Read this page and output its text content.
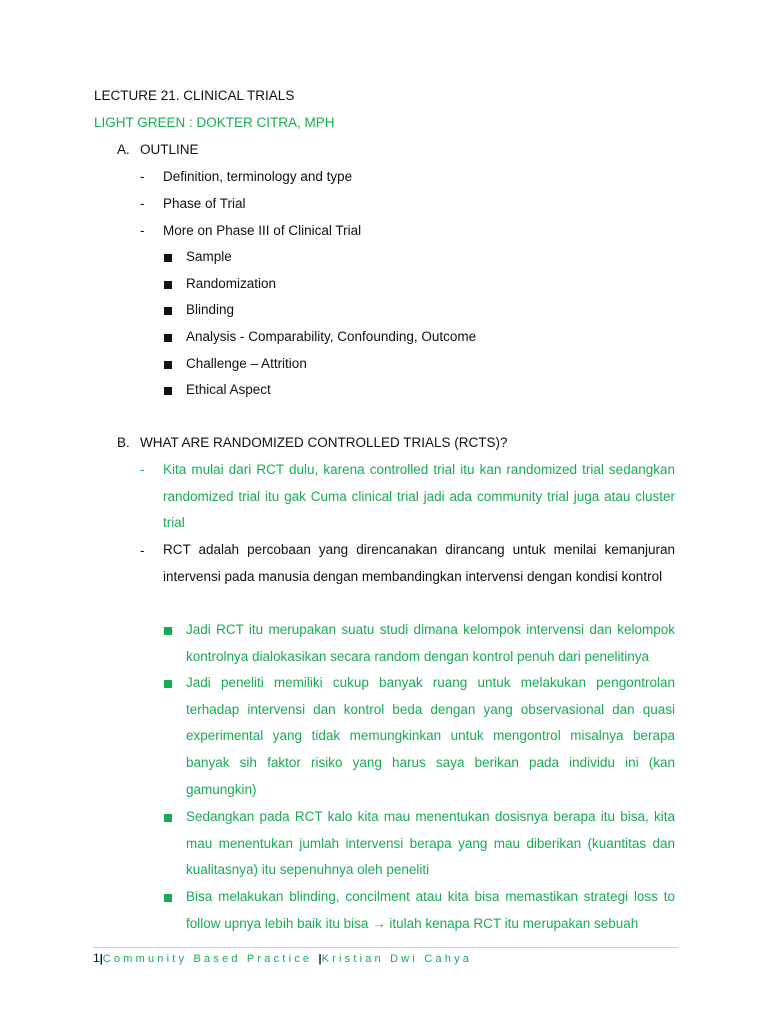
LECTURE 21. CLINICAL TRIALS
LIGHT GREEN : DOKTER CITRA, MPH
A. OUTLINE
-	Definition, terminology and type
-	Phase of Trial
-	More on Phase III of Clinical Trial
Sample
Randomization
Blinding
Analysis - Comparability, Confounding, Outcome
Challenge – Attrition
Ethical Aspect
B. WHAT ARE RANDOMIZED CONTROLLED TRIALS (RCTS)?
-	Kita mulai dari RCT dulu, karena controlled trial itu kan randomized trial sedangkan randomized trial itu gak Cuma clinical trial jadi ada community trial juga atau cluster trial
-	RCT adalah percobaan yang direncanakan dirancang untuk menilai kemanjuran intervensi pada manusia dengan membandingkan intervensi dengan kondisi kontrol
Jadi RCT itu merupakan suatu studi dimana kelompok intervensi dan kelompok kontrolnya dialokasikan secara random dengan kontrol penuh dari penelitinya
Jadi peneliti memiliki cukup banyak ruang untuk melakukan pengontrolan terhadap intervensi dan kontrol beda dengan yang observasional dan quasi experimental yang tidak memungkinkan untuk mengontrol misalnya berapa banyak sih faktor risiko yang harus saya berikan pada individu ini (kan gamungkin)
Sedangkan pada RCT kalo kita mau menentukan dosisnya berapa itu bisa, kita mau menentukan jumlah intervensi berapa yang mau diberikan (kuantitas dan kualitasnya) itu sepenuhnya oleh peneliti
Bisa melakukan blinding, concilment atau kita bisa memastikan strategi loss to follow upnya lebih baik itu bisa → itulah kenapa RCT itu merupakan sebuah
1|Community Based Practice |Kristian Dwi Cahya
